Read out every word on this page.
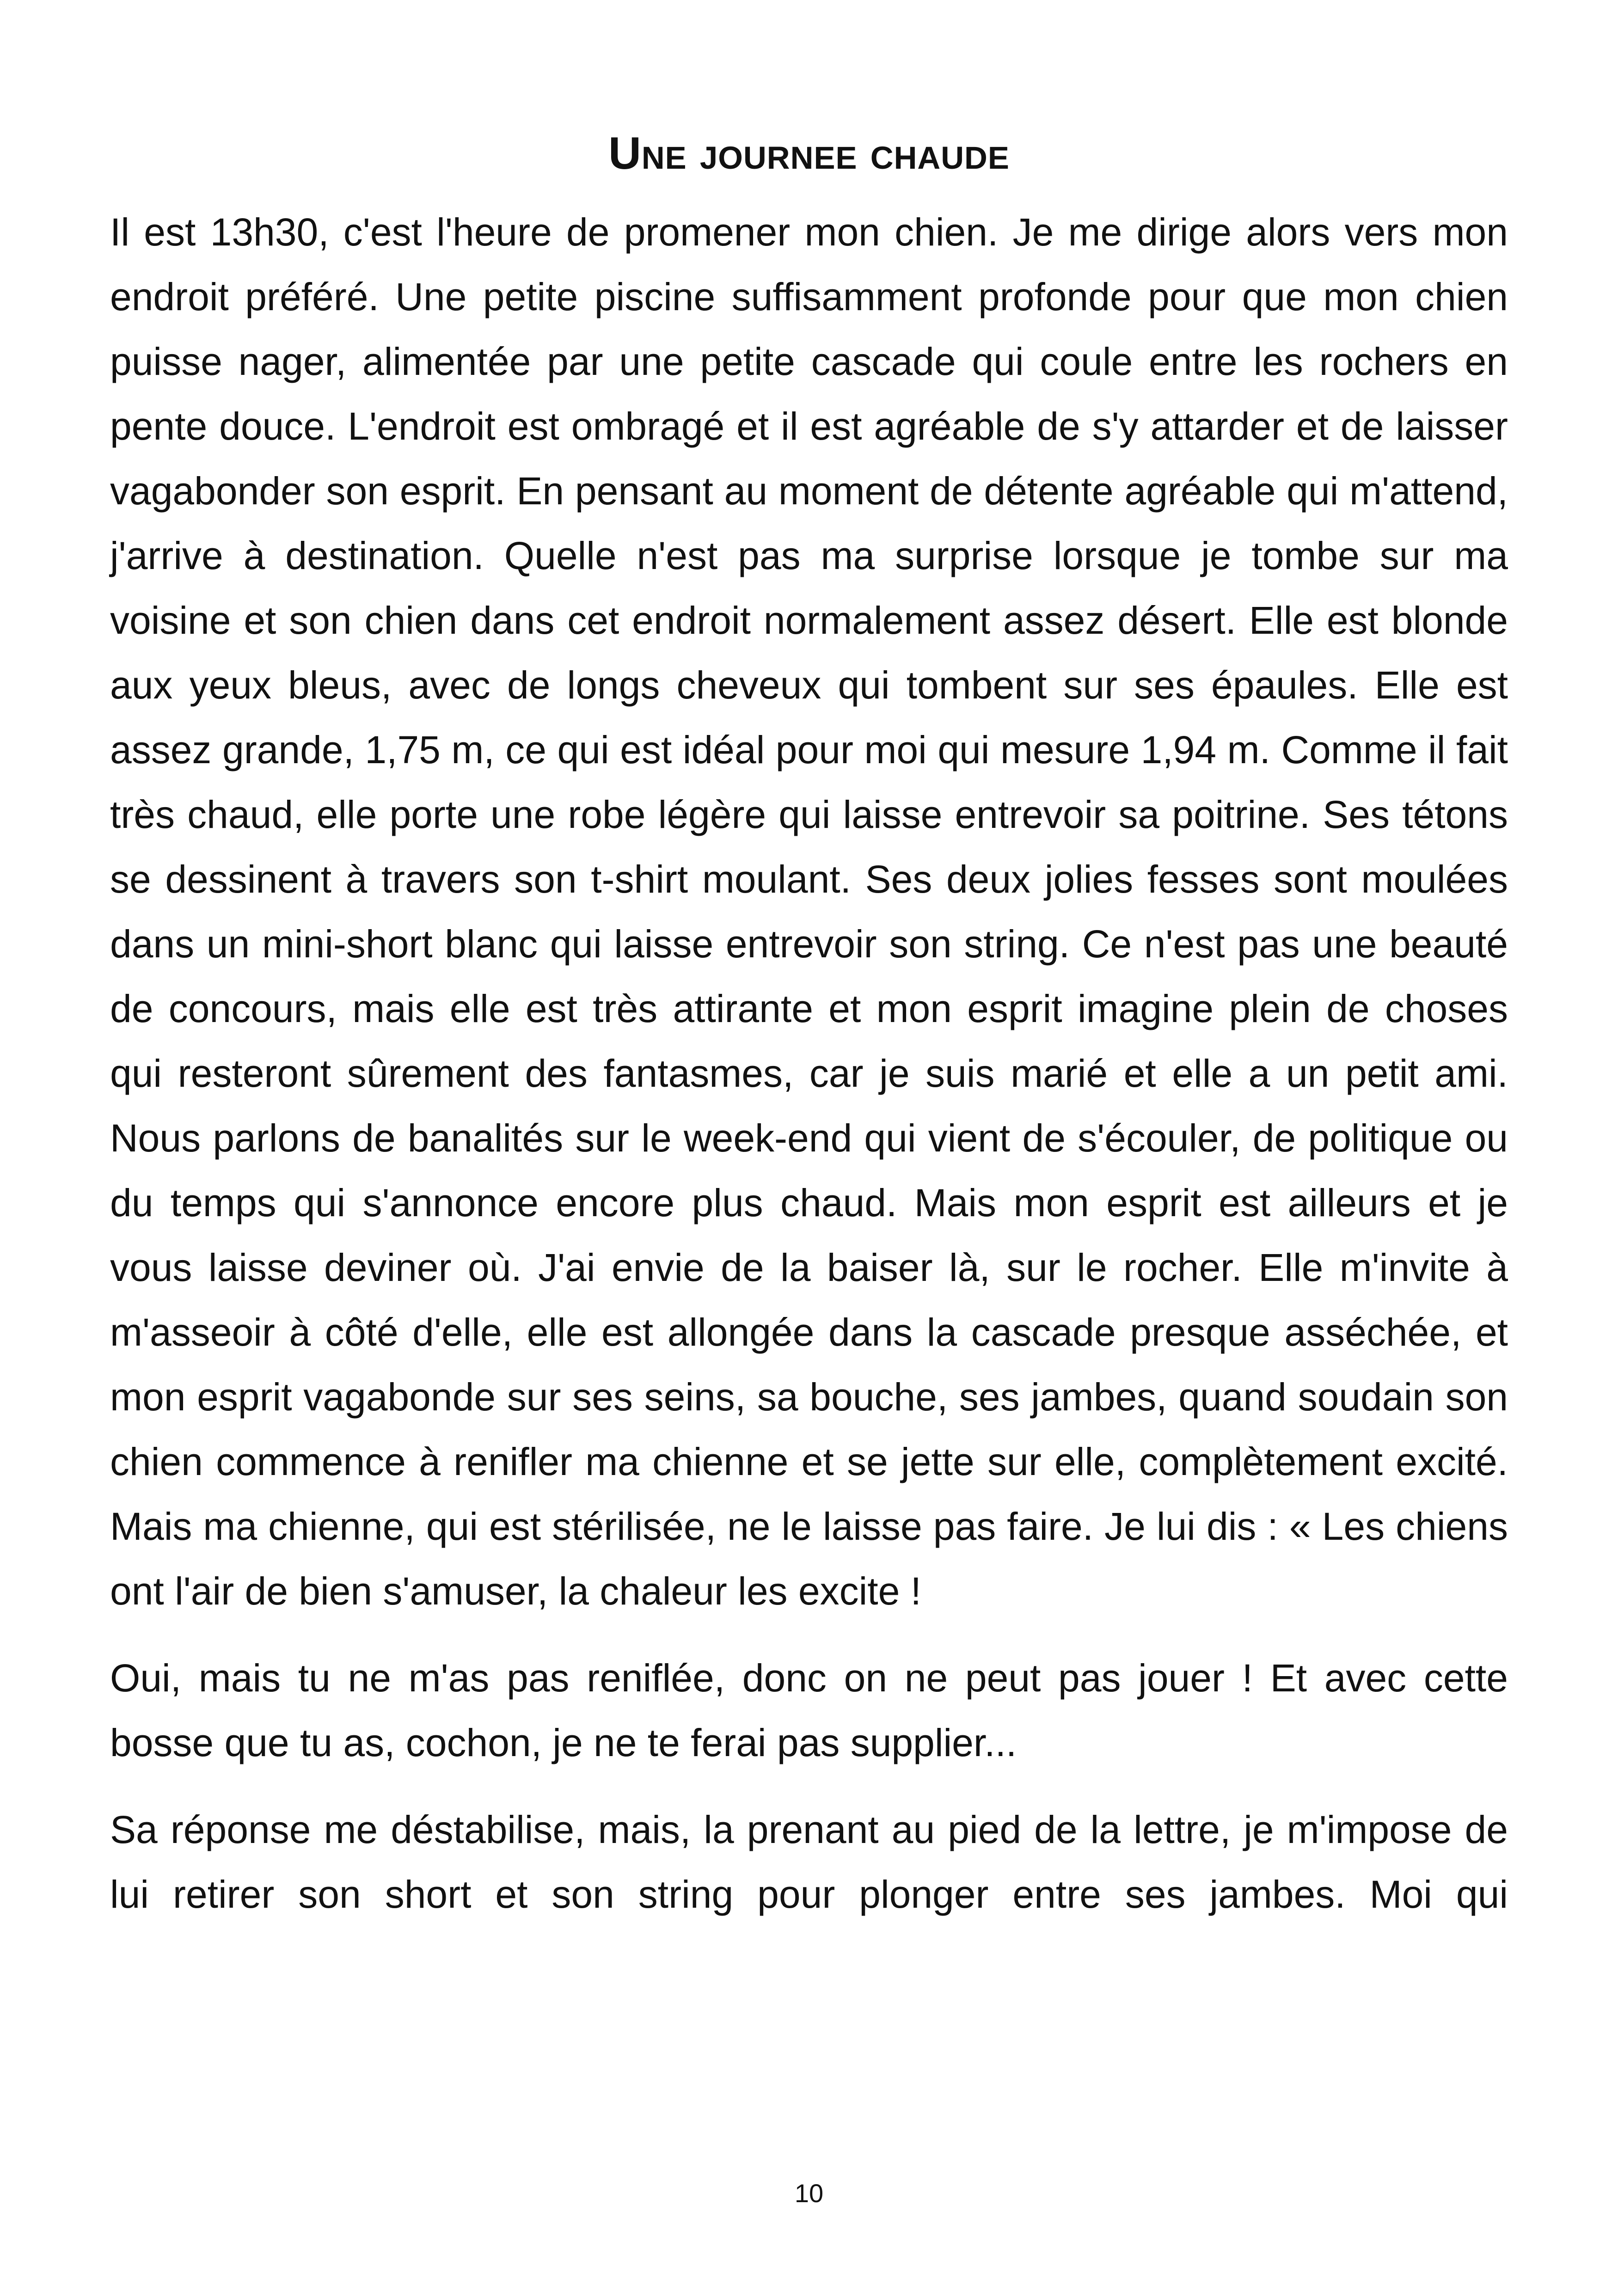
Une journee chaude

Il est 13h30, c'est l'heure de promener mon chien. Je me dirige alors vers mon endroit préféré. Une petite piscine suffisamment profonde pour que mon chien puisse nager, alimentée par une petite cascade qui coule entre les rochers en pente douce. L'endroit est ombragé et il est agréable de s'y attarder et de laisser vagabonder son esprit. En pensant au moment de détente agréable qui m'attend, j'arrive à destination. Quelle n'est pas ma surprise lorsque je tombe sur ma voisine et son chien dans cet endroit normalement assez désert. Elle est blonde aux yeux bleus, avec de longs cheveux qui tombent sur ses épaules. Elle est assez grande, 1,75 m, ce qui est idéal pour moi qui mesure 1,94 m. Comme il fait très chaud, elle porte une robe légère qui laisse entrevoir sa poitrine. Ses tétons se dessinent à travers son t-shirt moulant. Ses deux jolies fesses sont moulées dans un mini-short blanc qui laisse entrevoir son string. Ce n'est pas une beauté de concours, mais elle est très attirante et mon esprit imagine plein de choses qui resteront sûrement des fantasmes, car je suis marié et elle a un petit ami. Nous parlons de banalités sur le week-end qui vient de s'écouler, de politique ou du temps qui s'annonce encore plus chaud. Mais mon esprit est ailleurs et je vous laisse deviner où. J'ai envie de la baiser là, sur le rocher. Elle m'invite à m'asseoir à côté d'elle, elle est allongée dans la cascade presque asséchée, et mon esprit vagabonde sur ses seins, sa bouche, ses jambes, quand soudain son chien commence à renifler ma chienne et se jette sur elle, complètement excité. Mais ma chienne, qui est stérilisée, ne le laisse pas faire. Je lui dis : « Les chiens ont l'air de bien s'amuser, la chaleur les excite !

Oui, mais tu ne m'as pas reniflée, donc on ne peut pas jouer ! Et avec cette bosse que tu as, cochon, je ne te ferai pas supplier...

Sa réponse me déstabilise, mais, la prenant au pied de la lettre, je m'impose de lui retirer son short et son string pour plonger entre ses jambes. Moi qui

10
